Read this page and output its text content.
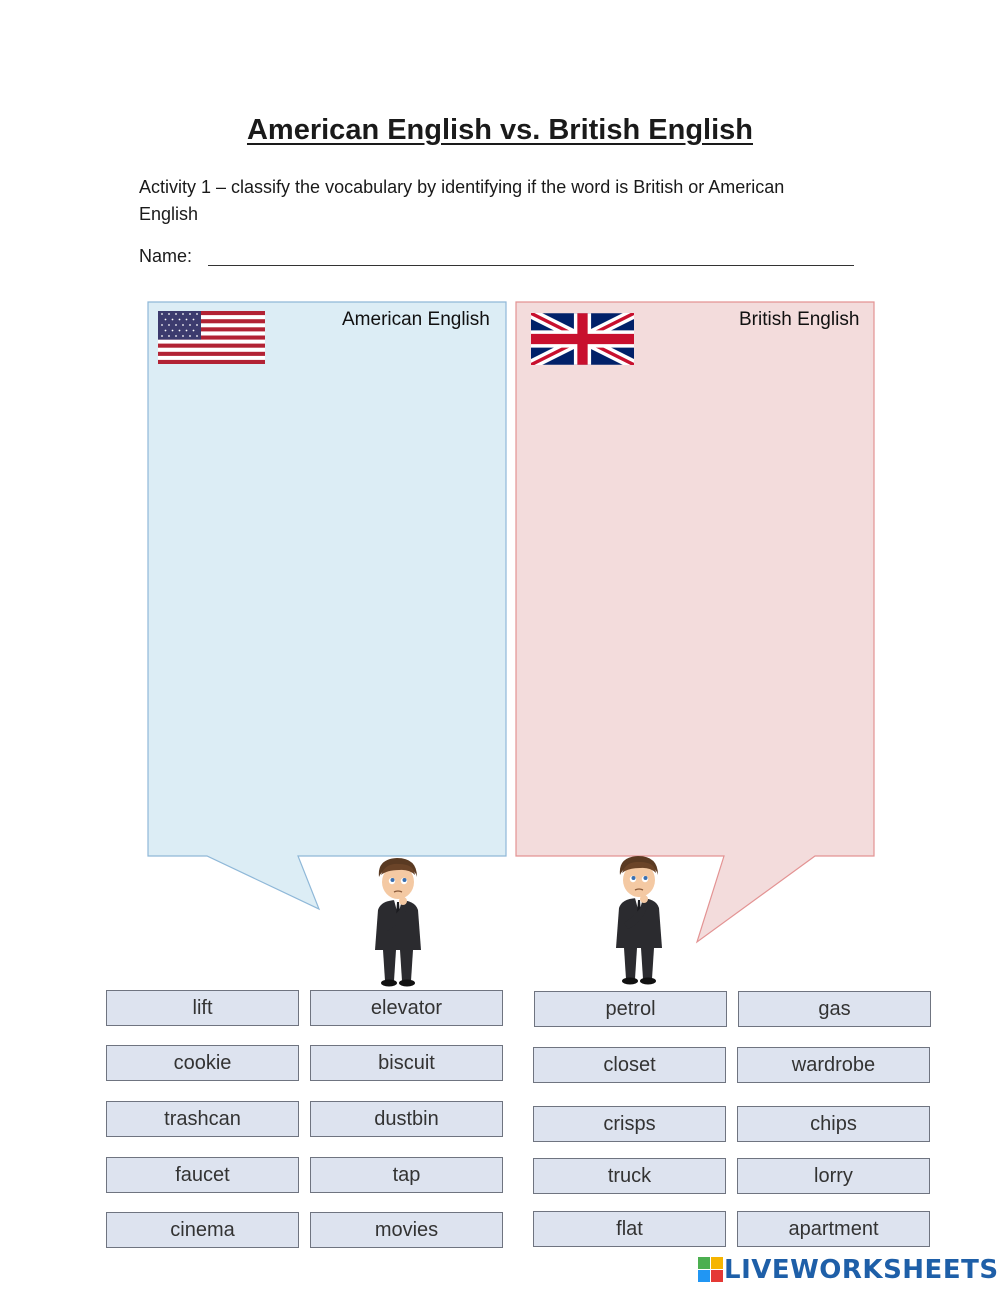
American English vs. British English
Activity 1 – classify the vocabulary by identifying if the word is British or American English
Name:
American English	British English
lift
cookie
trashcan
faucet
cinema
elevator
biscuit
dustbin
tap
movies
petrol
closet
crisps
truck
flat
gas
wardrobe
chips
lorry
apartment
LIVEWORKSHEETS
